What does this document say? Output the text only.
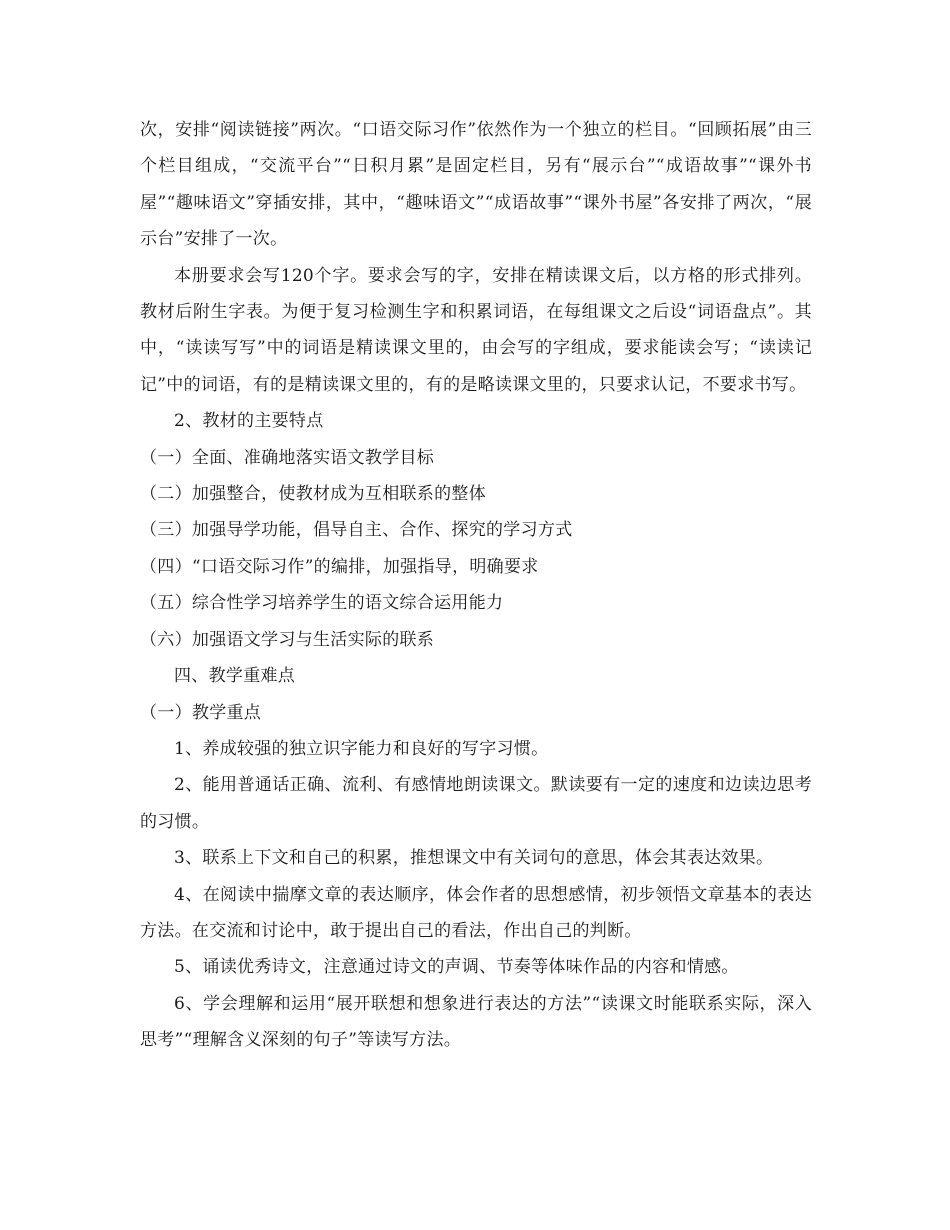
次，安排“阅读链接”两次。“口语交际习作”依然作为一个独立的栏目。“回顾拓展”由三个栏目组成，“交流平台”“日积月累”是固定栏目，另有“展示台”“成语故事”“课外书屋”“趣味语文”穿插安排，其中，“趣味语文”“成语故事”“课外书屋”各安排了两次，“展示台”安排了一次。

本册要求会写120个字。要求会写的字，安排在精读课文后，以方格的形式排列。教材后附生字表。为便于复习检测生字和积累词语，在每组课文之后设“词语盘点”。其中，“读读写写”中的词语是精读课文里的，由会写的字组成，要求能读会写；“读读记记”中的词语，有的是精读课文里的，有的是略读课文里的，只要求认记，不要求书写。

2、教材的主要特点

（一）全面、准确地落实语文教学目标

（二）加强整合，使教材成为互相联系的整体

（三）加强导学功能，倡导自主、合作、探究的学习方式

（四）“口语交际习作”的编排，加强指导，明确要求

（五）综合性学习培养学生的语文综合运用能力

（六）加强语文学习与生活实际的联系

四、教学重难点

（一）教学重点

1、养成较强的独立识字能力和良好的写字习惯。

2、能用普通话正确、流利、有感情地朗读课文。默读要有一定的速度和边读边思考的习惯。

3、联系上下文和自己的积累，推想课文中有关词句的意思，体会其表达效果。

4、在阅读中揣摩文章的表达顺序，体会作者的思想感情，初步领悟文章基本的表达方法。在交流和讨论中，敢于提出自己的看法，作出自己的判断。

5、诵读优秀诗文，注意通过诗文的声调、节奏等体味作品的内容和情感。

6、学会理解和运用“展开联想和想象进行表达的方法”“读课文时能联系实际，深入思考”“理解含义深刻的句子”等读写方法。
